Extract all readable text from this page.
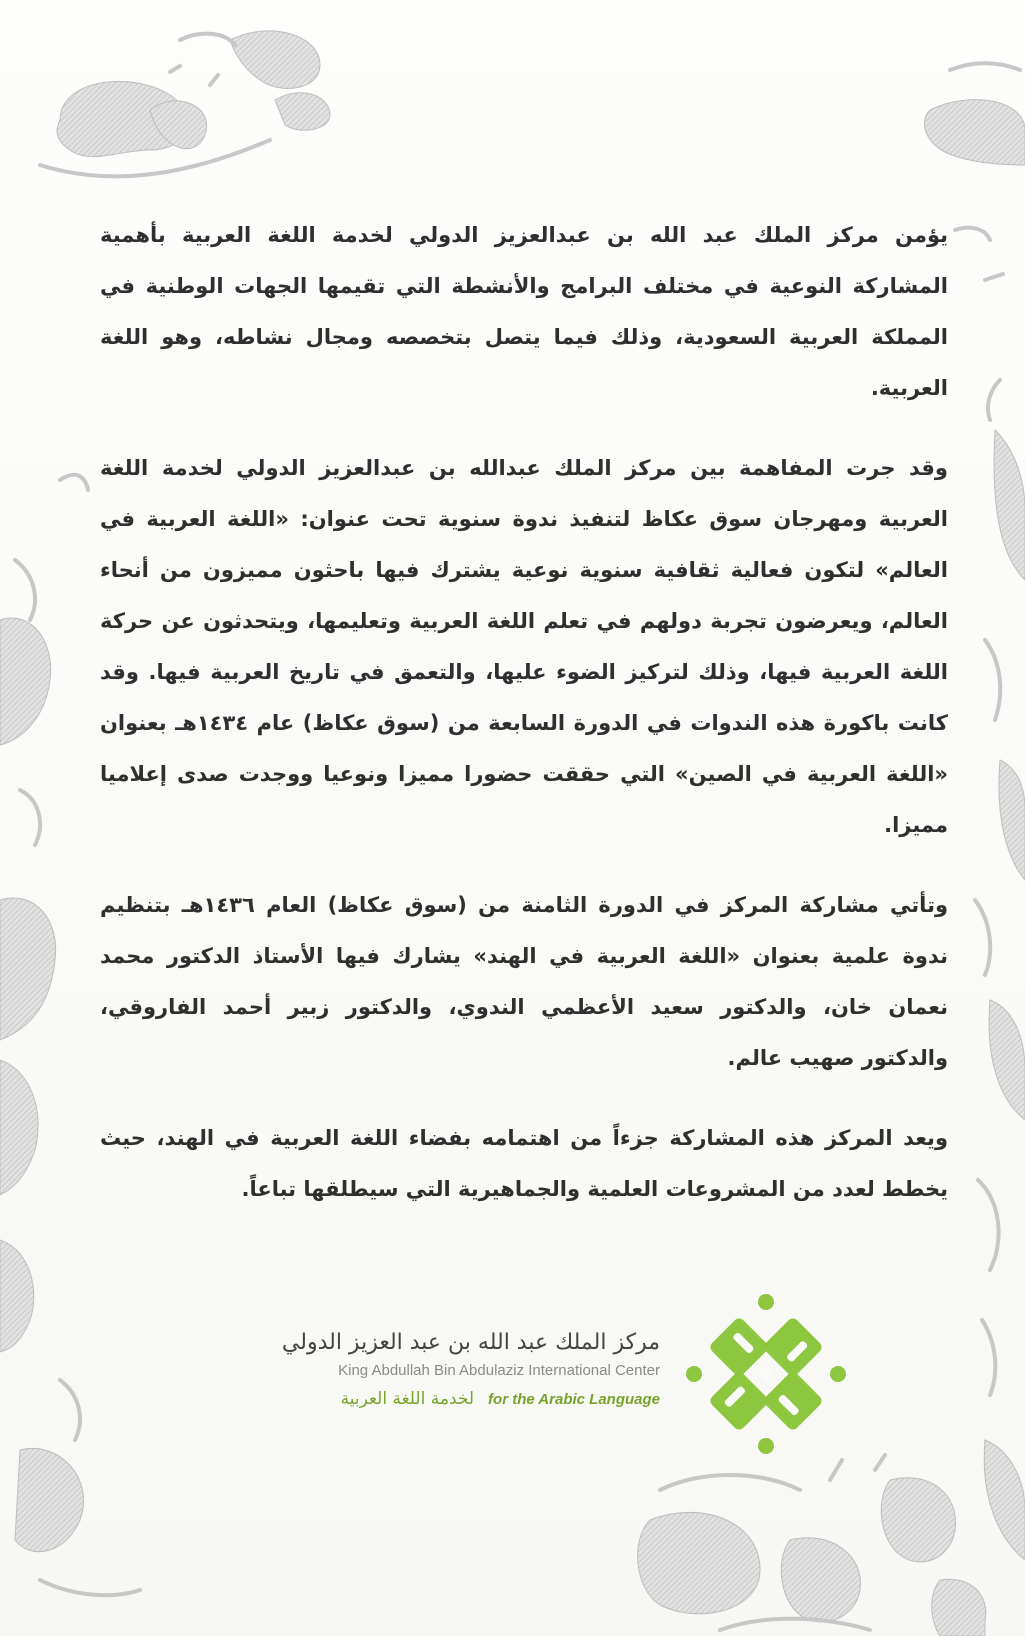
يؤمن مركز الملك عبد الله بن عبدالعزيز الدولي لخدمة اللغة العربية بأهمية المشاركة النوعية في مختلف البرامج والأنشطة التي تقيمها الجهات الوطنية في المملكة العربية السعودية، وذلك فيما يتصل بتخصصه ومجال نشاطه، وهو اللغة العربية.

وقد جرت المفاهمة بين مركز الملك عبدالله بن عبدالعزيز الدولي لخدمة اللغة العربية ومهرجان سوق عكاظ لتنفيذ ندوة سنوية تحت عنوان: «اللغة العربية في العالم» لتكون فعالية ثقافية سنوية نوعية يشترك فيها باحثون مميزون من أنحاء العالم، ويعرضون تجربة دولهم في تعلم اللغة العربية وتعليمها، ويتحدثون عن حركة اللغة العربية فيها، وذلك لتركيز الضوء عليها، والتعمق في تاريخ العربية فيها. وقد كانت باكورة هذه الندوات في الدورة السابعة من (سوق عكاظ) عام ١٤٣٤هـ بعنوان «اللغة العربية في الصين» التي حققت حضورا مميزا ونوعيا ووجدت صدى إعلاميا مميزا.

وتأتي مشاركة المركز في الدورة الثامنة من (سوق عكاظ) العام ١٤٣٦هـ بتنظيم ندوة علمية بعنوان «اللغة العربية في الهند» يشارك فيها الأستاذ الدكتور محمد نعمان خان، والدكتور سعيد الأعظمي الندوي، والدكتور زبير أحمد الفاروقي، والدكتور صهيب عالم.

ويعد المركز هذه المشاركة جزءاً من اهتمامه بفضاء اللغة العربية في الهند، حيث يخطط لعدد من المشروعات العلمية والجماهيرية التي سيطلقها تباعاً.

مركز الملك عبد الله بن عبد العزيز الدولي
King Abdullah Bin Abdulaziz International Center
لخدمة اللغة العربية for the Arabic Language
